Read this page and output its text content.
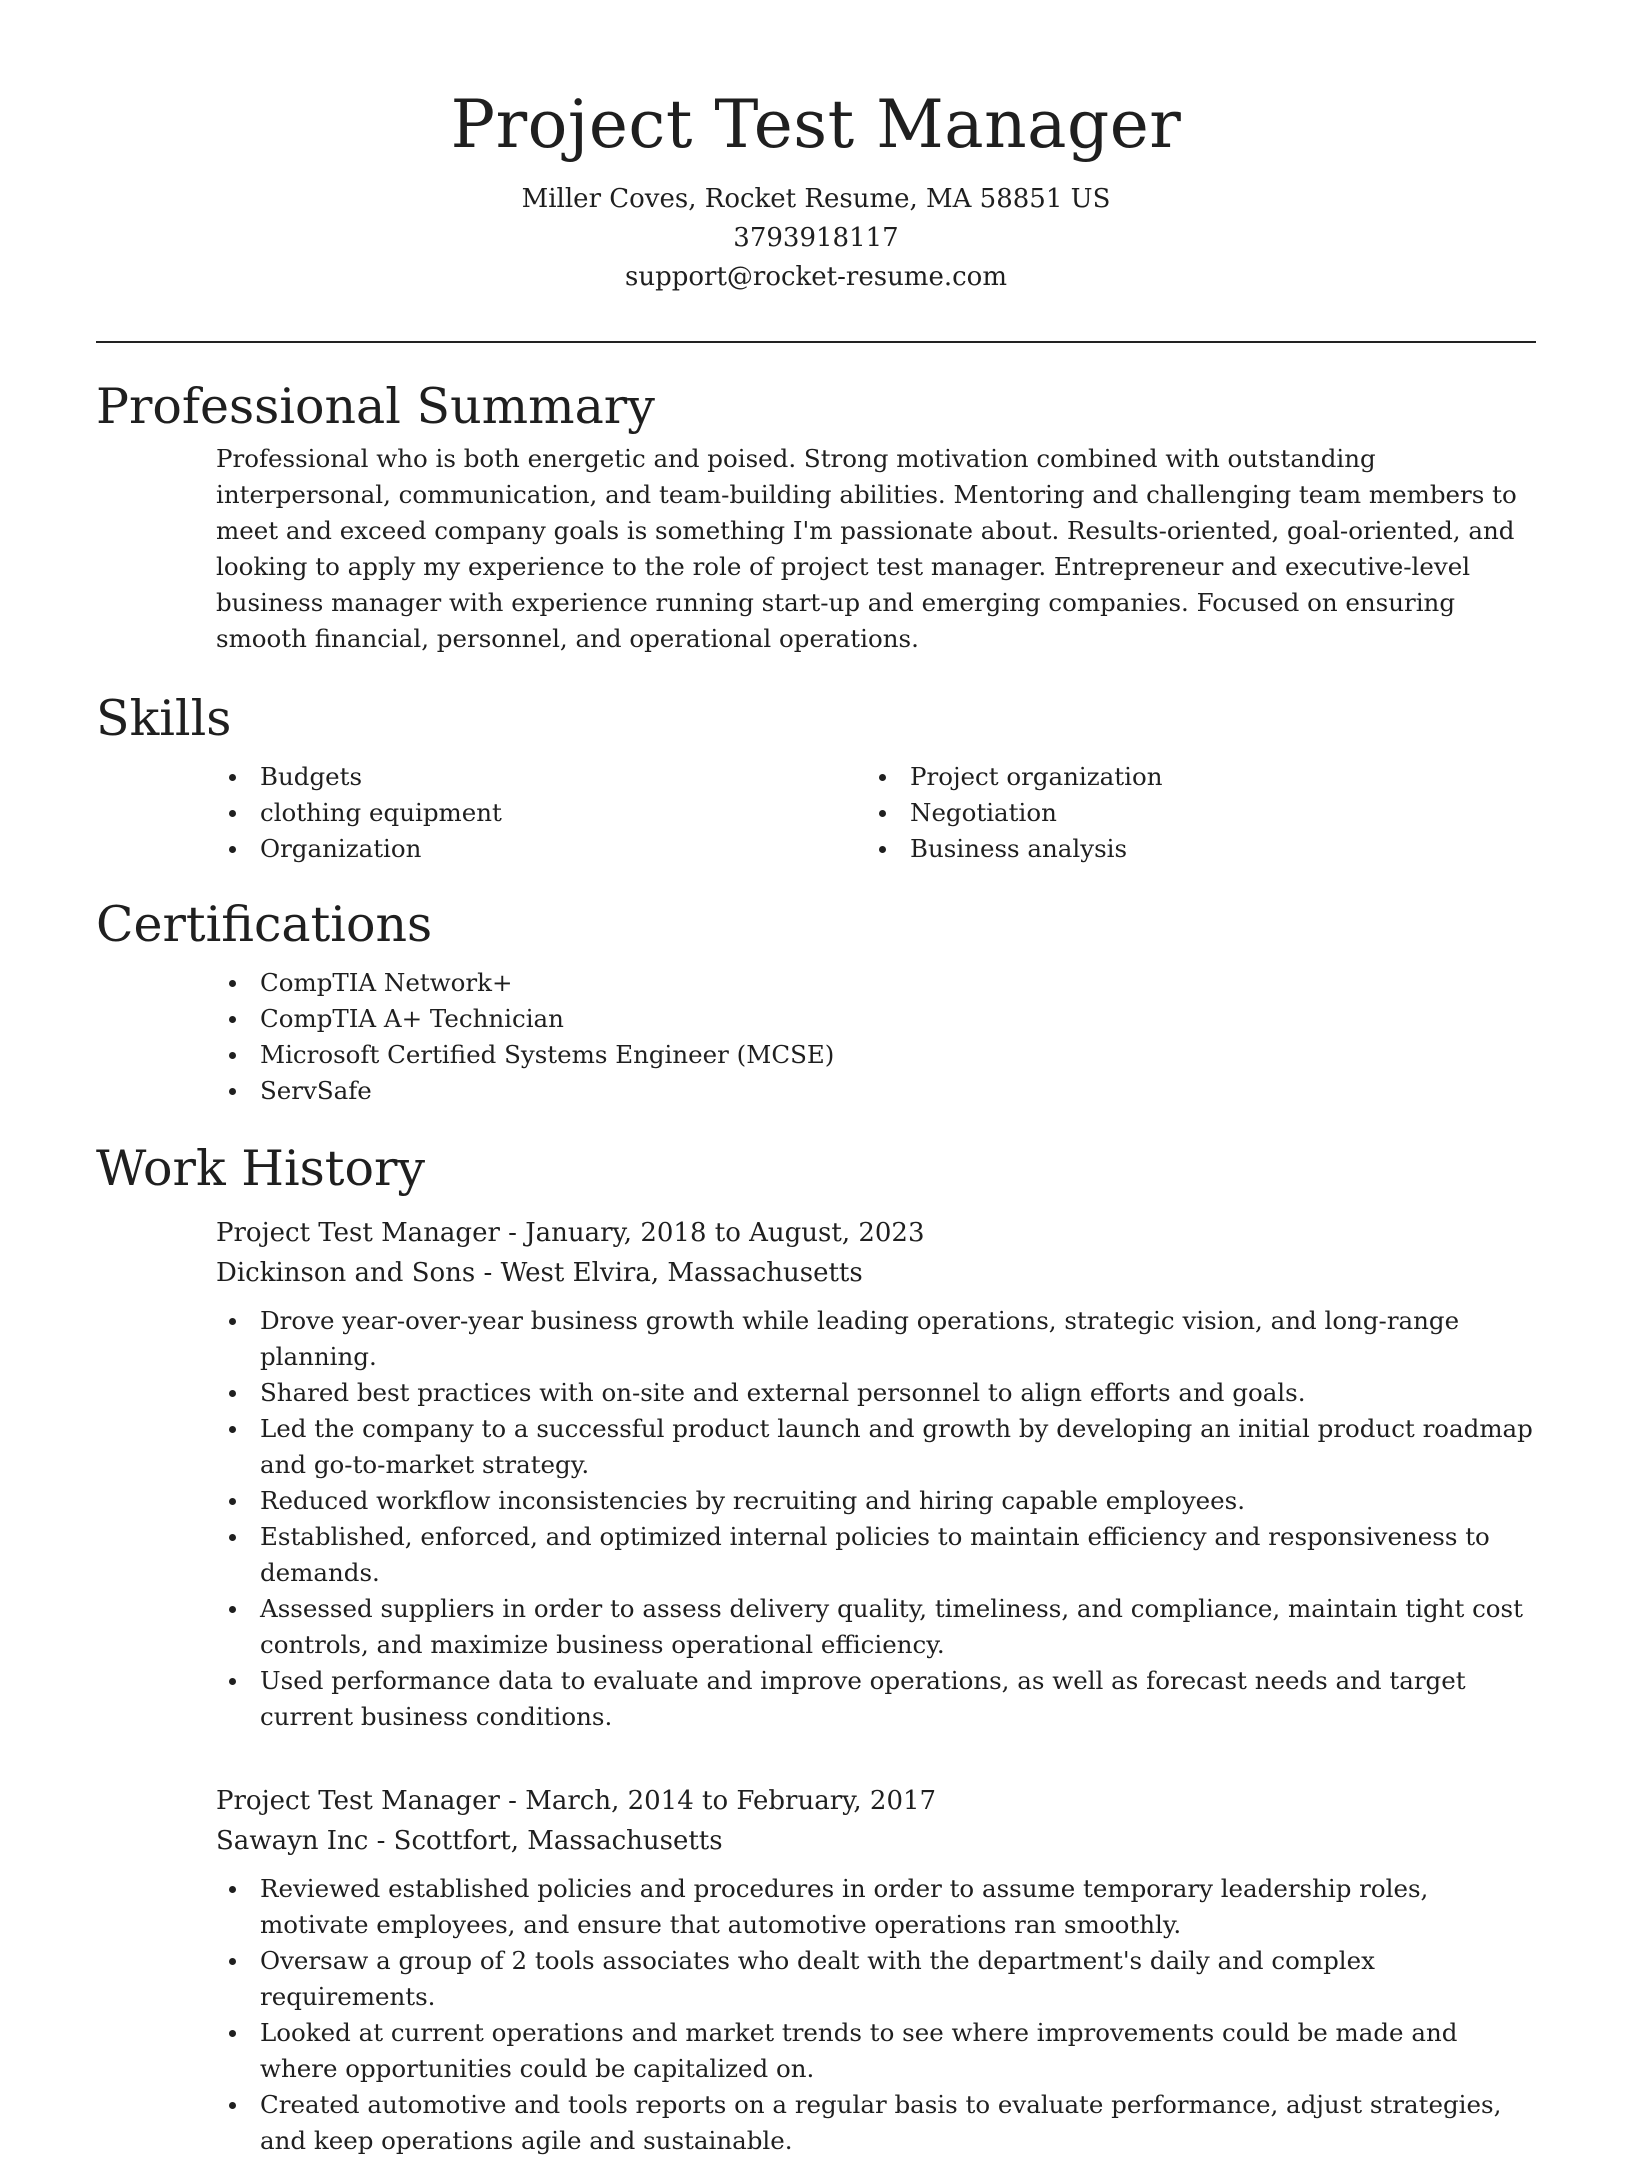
Project Test Manager
Miller Coves, Rocket Resume, MA 58851 US
3793918117
support@rocket-resume.com
Professional Summary

Professional who is both energetic and poised. Strong motivation combined with outstanding interpersonal, communication, and team-building abilities. Mentoring and challenging team members to meet and exceed company goals is something I'm passionate about. Results-oriented, goal-oriented, and looking to apply my experience to the role of project test manager. Entrepreneur and executive-level business manager with experience running start-up and emerging companies. Focused on ensuring smooth financial, personnel, and operational operations.

Skills
Budgets
clothing equipment
Organization
Project organization
Negotiation
Business analysis
Certifications
CompTIA Network+
CompTIA A+ Technician
Microsoft Certified Systems Engineer (MCSE)
ServSafe
Work History
Project Test Manager - January, 2018 to August, 2023
Dickinson and Sons - West Elvira, Massachusetts
Drove year-over-year business growth while leading operations, strategic vision, and long-range planning.
Shared best practices with on-site and external personnel to align efforts and goals.
Led the company to a successful product launch and growth by developing an initial product roadmap and go-to-market strategy.
Reduced workflow inconsistencies by recruiting and hiring capable employees.
Established, enforced, and optimized internal policies to maintain efficiency and responsiveness to demands.
Assessed suppliers in order to assess delivery quality, timeliness, and compliance, maintain tight cost controls, and maximize business operational efficiency.
Used performance data to evaluate and improve operations, as well as forecast needs and target current business conditions.
Project Test Manager - March, 2014 to February, 2017
Sawayn Inc - Scottfort, Massachusetts
Reviewed established policies and procedures in order to assume temporary leadership roles, motivate employees, and ensure that automotive operations ran smoothly.
Oversaw a group of 2 tools associates who dealt with the department's daily and complex requirements.
Looked at current operations and market trends to see where improvements could be made and where opportunities could be capitalized on.
Created automotive and tools reports on a regular basis to evaluate performance, adjust strategies, and keep operations agile and sustainable.
